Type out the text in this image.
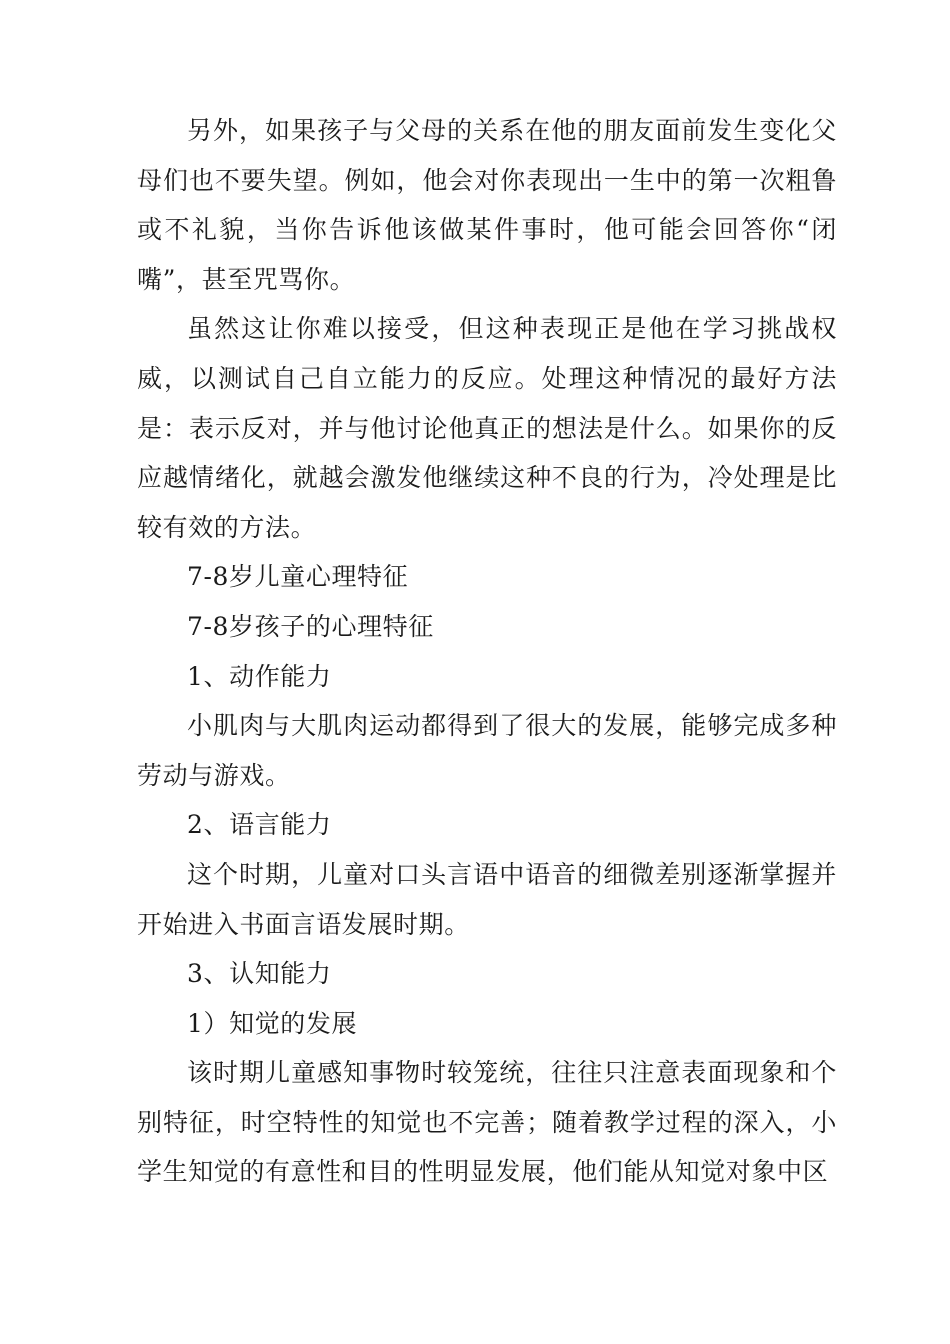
另外，如果孩子与父母的关系在他的朋友面前发生变化父母们也不要失望。例如，他会对你表现出一生中的第一次粗鲁或不礼貌，当你告诉他该做某件事时，他可能会回答你“闭嘴”，甚至咒骂你。

虽然这让你难以接受，但这种表现正是他在学习挑战权威，以测试自己自立能力的反应。处理这种情况的最好方法是：表示反对，并与他讨论他真正的想法是什么。如果你的反应越情绪化，就越会激发他继续这种不良的行为，冷处理是比较有效的方法。

7-8岁儿童心理特征

7-8岁孩子的心理特征

1、动作能力

小肌肉与大肌肉运动都得到了很大的发展，能够完成多种劳动与游戏。

2、语言能力

这个时期，儿童对口头言语中语音的细微差别逐渐掌握并开始进入书面言语发展时期。

3、认知能力

1）知觉的发展

该时期儿童感知事物时较笼统，往往只注意表面现象和个别特征，时空特性的知觉也不完善；随着教学过程的深入，小学生知觉的有意性和目的性明显发展，他们能从知觉对象中区
